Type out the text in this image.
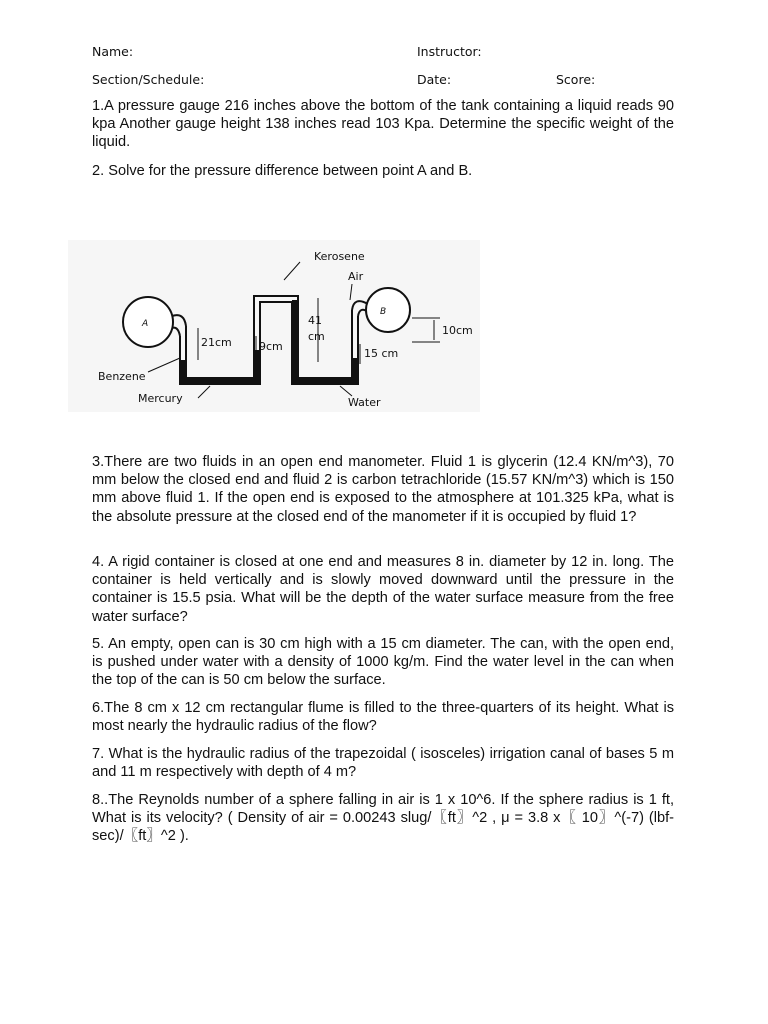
Name:	Instructor:
Section/Schedule:	Date:	Score:
1.A pressure gauge 216 inches above the bottom of the tank containing a liquid reads 90 kpa Another gauge height 138 inches read 103 Kpa. Determine the specific weight of the liquid.
2. Solve for the pressure difference between point A and B.
A
B
10cm
15 cm
41
cm
21cm 9cm
Kerosene
Air
Benzene
Mercury	Water
3.There are two fluids in an open end manometer. Fluid 1 is glycerin (12.4 KN/m^3), 70 mm below the closed end and fluid 2 is carbon tetrachloride (15.57 KN/m^3) which is 150 mm above fluid 1. If the open end is exposed to the atmosphere at 101.325 kPa, what is the absolute pressure at the closed end of the manometer if it is occupied by fluid 1?
4. A rigid container is closed at one end and measures 8 in. diameter by 12 in. long. The container is held vertically and is slowly moved downward until the pressure in the container is 15.5 psia. What will be the depth of the water surface measure from the free water surface?
5. An empty, open can is 30 cm high with a 15 cm diameter. The can, with the open end, is pushed under water with a density of 1000 kg/m. Find the water level in the can when the top of the can is 50 cm below the surface.
6.The 8 cm x 12 cm rectangular flume is filled to the three-quarters of its height. What is most nearly the hydraulic radius of the flow?
7. What is the hydraulic radius of the trapezoidal ( isosceles) irrigation canal of bases 5 m and 11 m respectively with depth of 4 m?
8..The Reynolds number of a sphere falling in air is 1 x 10^6. If the sphere radius is 1 ft, What is its velocity? ( Density of air = 0.00243 slug/〖ft〗^2 , μ = 3.8 x〖 10〗^(-7) (lbf-sec)/〖ft〗^2 ).
